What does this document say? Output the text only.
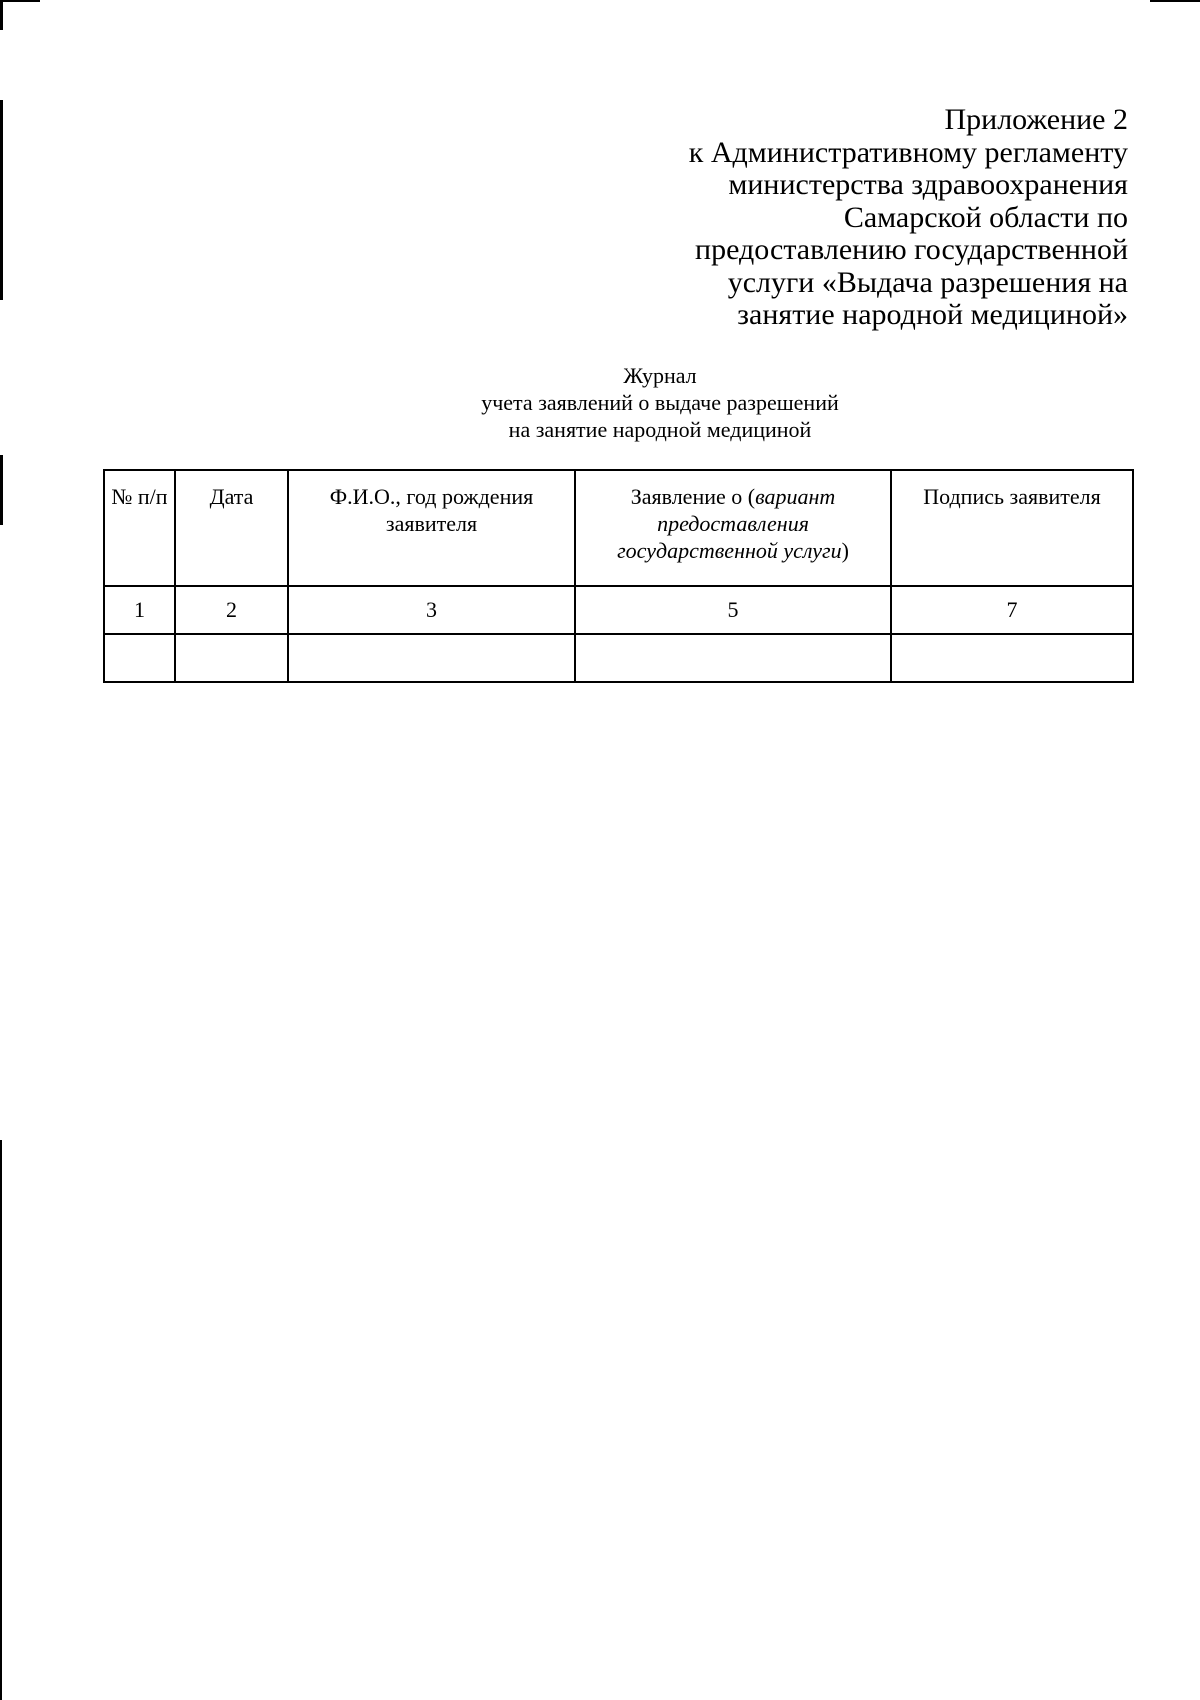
Приложение 2
к Административному регламенту
министерства здравоохранения
Самарской области по
предоставлению государственной
услуги «Выдача разрешения на
занятие народной медициной»
Журнал
учета заявлений о выдаче разрешений
на занятие народной медициной
№ п/п	Дата	Ф.И.О., год рождения заявителя	Заявление о (вариант предоставления государственной услуги)	Подпись заявителя
1	2	3	5	7
